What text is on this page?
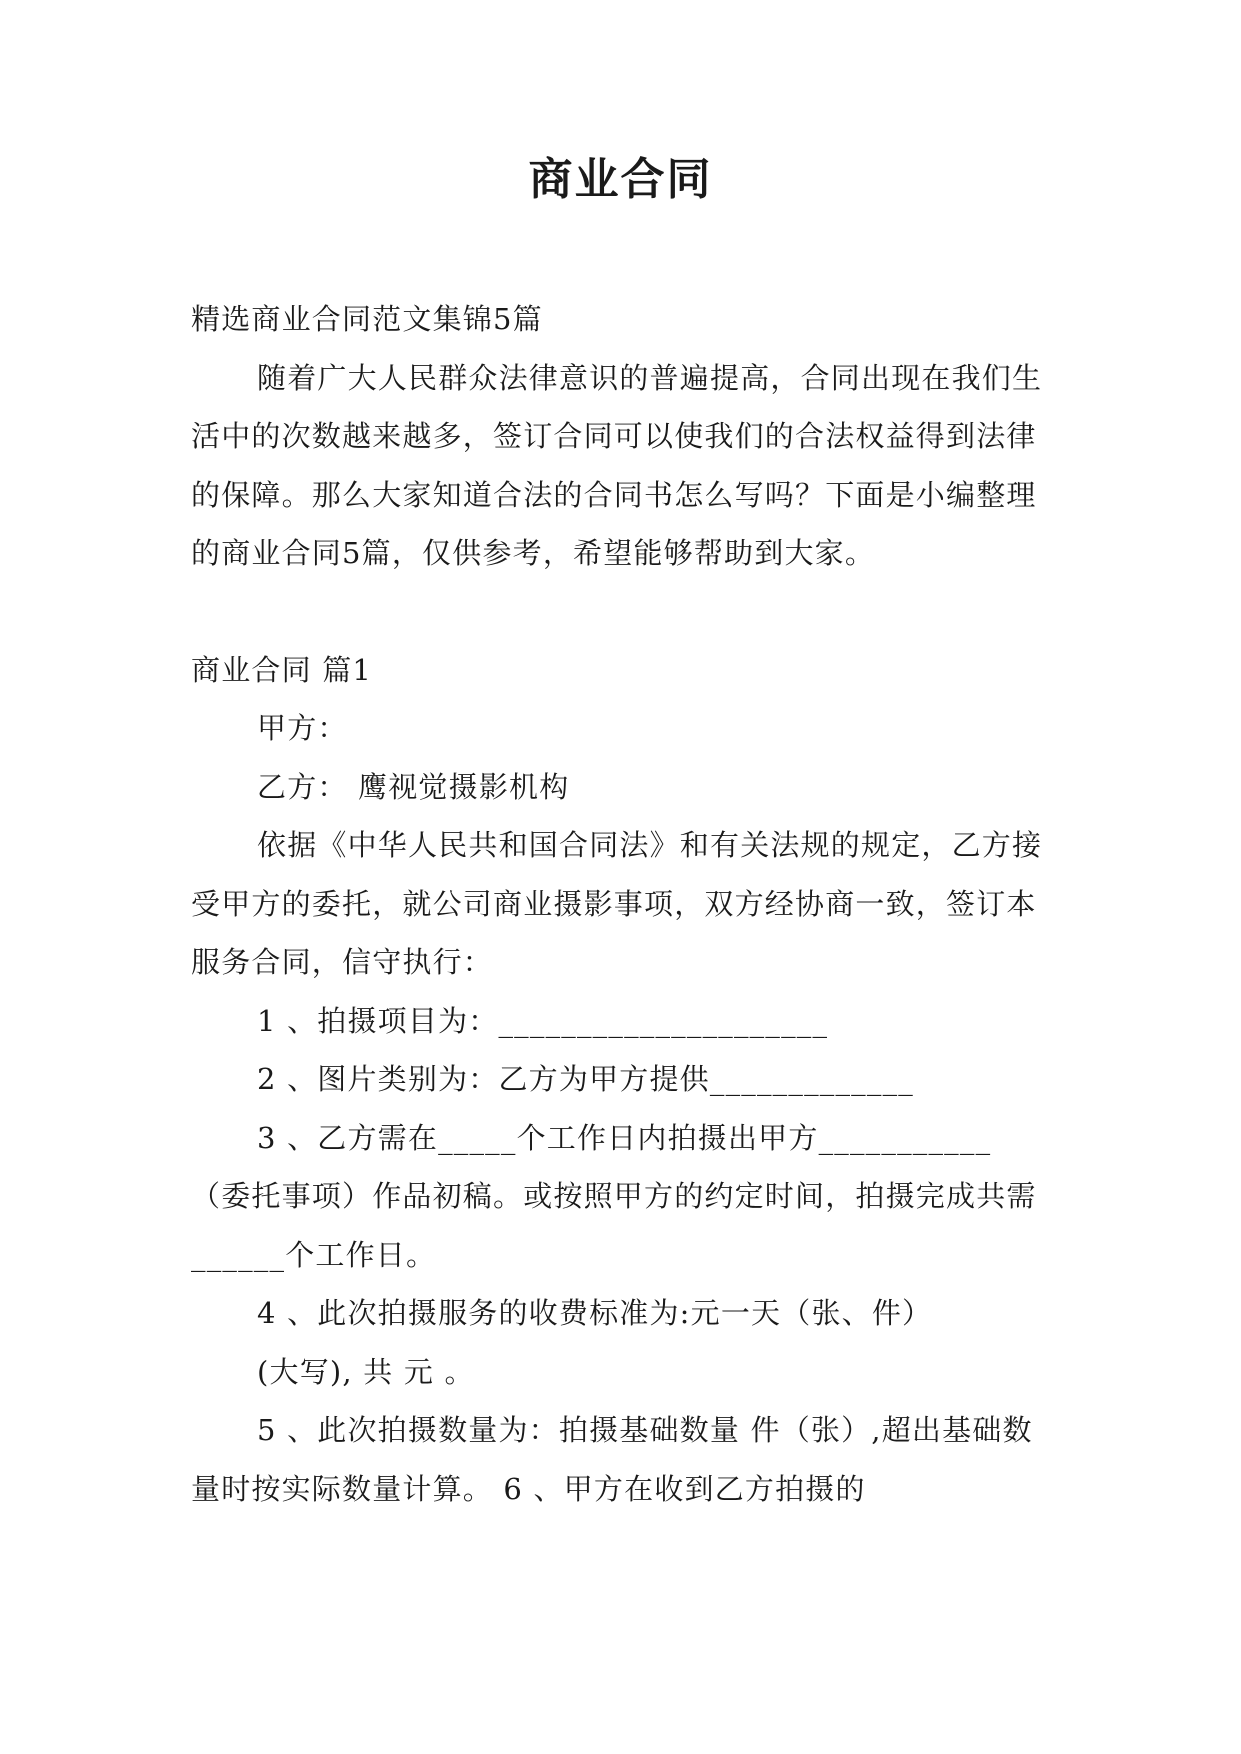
商业合同

精选商业合同范文集锦5篇

随着广大人民群众法律意识的普遍提高，合同出现在我们生活中的次数越来越多，签订合同可以使我们的合法权益得到法律的保障。那么大家知道合法的合同书怎么写吗？下面是小编整理的商业合同5篇，仅供参考，希望能够帮助到大家。

商业合同 篇1

甲方：

乙方： 鹰视觉摄影机构

依据《中华人民共和国合同法》和有关法规的规定，乙方接受甲方的委托，就公司商业摄影事项，双方经协商一致，签订本服务合同，信守执行：

1 、拍摄项目为：_____________________

2 、图片类别为：乙方为甲方提供_____________

3 、乙方需在_____个工作日内拍摄出甲方___________（委托事项）作品初稿。或按照甲方的约定时间，拍摄完成共需______个工作日。

4 、此次拍摄服务的收费标准为:元一天（张、件）

(大写), 共 元 。

5 、此次拍摄数量为：拍摄基础数量 件（张）,超出基础数量时按实际数量计算。 6 、甲方在收到乙方拍摄的
